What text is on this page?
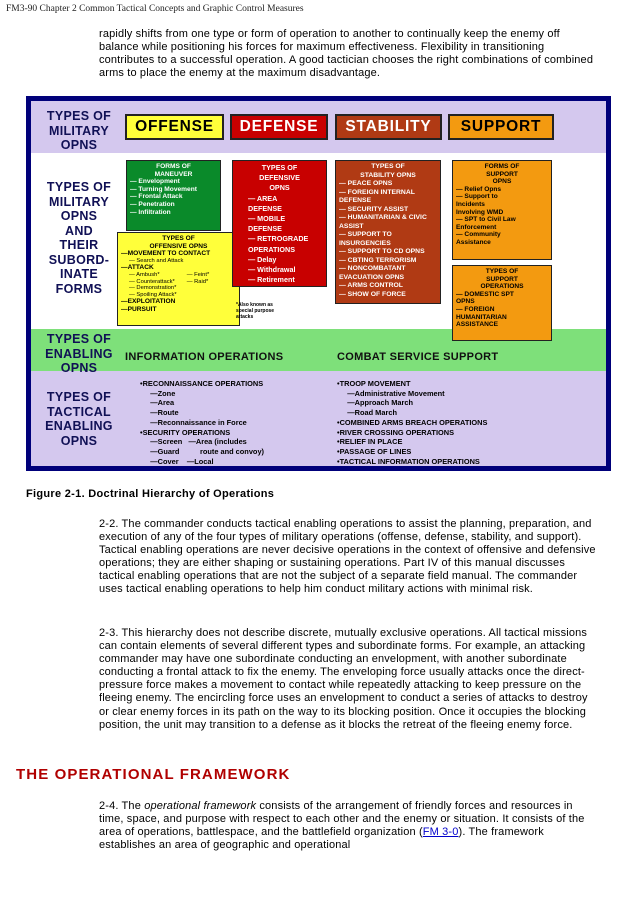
FM3-90 Chapter 2 Common Tactical Concepts and Graphic Control Measures

rapidly shifts from one type or form of operation to another to continually keep the enemy off balance while positioning his forces for maximum effectiveness. Flexibility in transitioning contributes to a successful operation. A good tactician chooses the right combinations of combined arms to place the enemy at the maximum disadvantage.

TYPES OF
MILITARY
OPNS
TYPES OF
MILITARY
OPNS
AND
THEIR
SUBORD-
INATE
FORMS
TYPES OF
ENABLING
OPNS
TYPES OF
TACTICAL
ENABLING
OPNS
OFFENSE	DEFENSE	STABILITY	SUPPORT
FORMS OF
MANEUVER
— Envelopment
— Turning Movement
— Frontal Attack
— Penetration
— Infiltration
TYPES OF
OFFENSIVE OPNS
—MOVEMENT TO CONTACT
— Search and Attack
—ATTACK
— Ambush*
— Counterattack*
— Demonstration*
— Spoiling Attack*
— Feint*
— Raid*
—EXPLOITATION
—PURSUIT
TYPES OF
DEFENSIVE
OPNS
— AREA
DEFENSE
— MOBILE
DEFENSE
— RETROGRADE
OPERATIONS
— Delay
— Withdrawal
— Retirement
*Also known as
special purpose
attacks
TYPES OF
STABILITY OPNS
— PEACE OPNS
— FOREIGN INTERNAL
DEFENSE
— SECURITY ASSIST
— HUMANITARIAN & CIVIC
ASSIST
— SUPPORT TO
INSURGENCIES
— SUPPORT TO CD OPNS
— CBTING TERRORISM
— NONCOMBATANT
EVACUATION OPNS
— ARMS CONTROL
— SHOW OF FORCE
FORMS OF
SUPPORT
OPNS
— Relief Opns
— Support to
Incidents
Involving WMD
— SPT to Civil Law
Enforcement
— Community
Assistance
TYPES OF
SUPPORT
OPERATIONS
— DOMESTIC SPT
OPNS
— FOREIGN
HUMANITARIAN
ASSISTANCE
INFORMATION OPERATIONS	COMBAT SERVICE SUPPORT
•RECONNAISSANCE OPERATIONS
—Zone
—Area
—Route
—Reconnaissance in Force
•SECURITY OPERATIONS
—Screen   —Area (includes
—Guard          route and convoy)
—Cover    —Local
•TROOP MOVEMENT
—Administrative Movement
—Approach March
—Road March
•COMBINED ARMS BREACH OPERATIONS
•RIVER CROSSING OPERATIONS
•RELIEF IN PLACE
•PASSAGE OF LINES
•TACTICAL INFORMATION OPERATIONS
Figure 2-1. Doctrinal Hierarchy of Operations

2-2. The commander conducts tactical enabling operations to assist the planning, preparation, and execution of any of the four types of military operations (offense, defense, stability, and support). Tactical enabling operations are never decisive operations in the context of offensive and defensive operations; they are either shaping or sustaining operations. Part IV of this manual discusses tactical enabling operations that are not the subject of a separate field manual. The commander uses tactical enabling operations to help him conduct military actions with minimal risk.

2-3. This hierarchy does not describe discrete, mutually exclusive operations. All tactical missions can contain elements of several different types and subordinate forms. For example, an attacking commander may have one subordinate conducting an envelopment, with another subordinate conducting a frontal attack to fix the enemy. The enveloping force usually attacks once the direct-pressure force makes a movement to contact while repeatedly attacking to keep pressure on the fleeing enemy. The encircling force uses an envelopment to conduct a series of attacks to destroy or clear enemy forces in its path on the way to its blocking position. Once it occupies the blocking position, the unit may transition to a defense as it blocks the retreat of the fleeing enemy force.

THE OPERATIONAL FRAMEWORK

2-4. The operational framework consists of the arrangement of friendly forces and resources in time, space, and purpose with respect to each other and the enemy or situation. It consists of the area of operations, battlespace, and the battlefield organization (FM 3-0). The framework establishes an area of geographic and operational
